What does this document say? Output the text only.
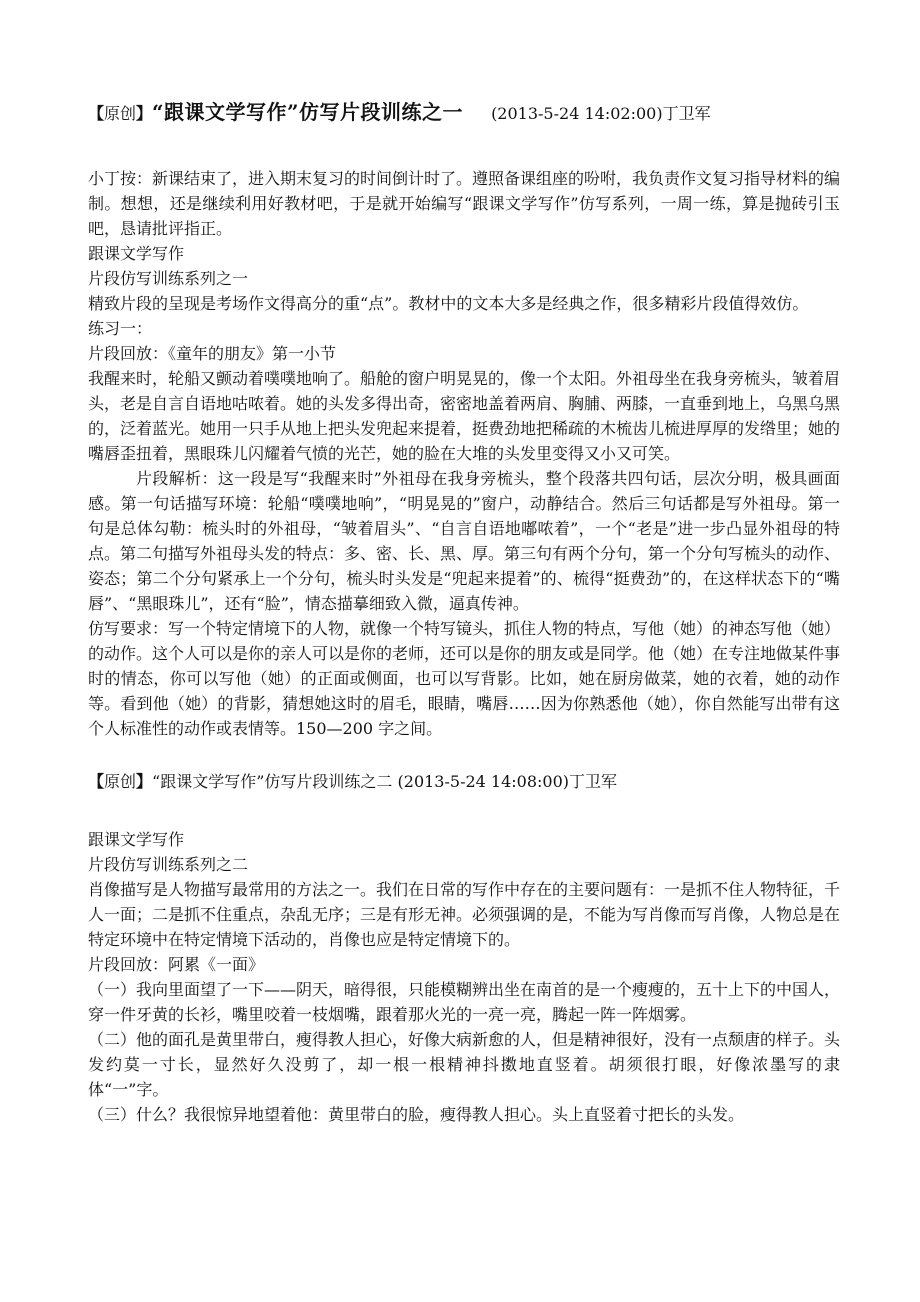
【原创】“跟课文学写作”仿写片段训练之一 (2013-5-24 14:02:00)丁卫军

小丁按：新课结束了，进入期末复习的时间倒计时了。遵照备课组座的吩咐，我负责作文复习指导材料的编制。想想，还是继续利用好教材吧，于是就开始编写“跟课文学写作”仿写系列，一周一练，算是抛砖引玉吧，恳请批评指正。

跟课文学写作

片段仿写训练系列之一

精致片段的呈现是考场作文得高分的重“点”。教材中的文本大多是经典之作，很多精彩片段值得效仿。

练习一：

片段回放：《童年的朋友》第一小节

我醒来时，轮船又颤动着噗噗地响了。船舱的窗户明晃晃的，像一个太阳。外祖母坐在我身旁梳头，皱着眉头，老是自言自语地咕哝着。她的头发多得出奇，密密地盖着两肩、胸脯、两膝，一直垂到地上，乌黑乌黑的，泛着蓝光。她用一只手从地上把头发兜起来提着，挺费劲地把稀疏的木梳齿儿梳进厚厚的发绺里；她的嘴唇歪扭着，黑眼珠儿闪耀着气愤的光芒，她的脸在大堆的头发里变得又小又可笑。

片段解析：这一段是写“我醒来时”外祖母在我身旁梳头，整个段落共四句话，层次分明，极具画面感。第一句话描写环境：轮船“噗噗地响”，“明晃晃的”窗户，动静结合。然后三句话都是写外祖母。第一句是总体勾勒：梳头时的外祖母，“皱着眉头”、“自言自语地嘟哝着”，一个“老是”进一步凸显外祖母的特点。第二句描写外祖母头发的特点：多、密、长、黑、厚。第三句有两个分句，第一个分句写梳头的动作、姿态；第二个分句紧承上一个分句，梳头时头发是“兜起来提着”的、梳得“挺费劲”的，在这样状态下的“嘴唇”、“黑眼珠儿”，还有“脸”，情态描摹细致入微，逼真传神。

仿写要求：写一个特定情境下的人物，就像一个特写镜头，抓住人物的特点，写他（她）的神态写他（她）的动作。这个人可以是你的亲人可以是你的老师，还可以是你的朋友或是同学。他（她）在专注地做某件事时的情态，你可以写他（她）的正面或侧面，也可以写背影。比如，她在厨房做菜，她的衣着，她的动作等。看到他（她）的背影，猜想她这时的眉毛，眼睛，嘴唇……因为你熟悉他（她），你自然能写出带有这个人标准性的动作或表情等。150—200 字之间。

【原创】“跟课文学写作”仿写片段训练之二 (2013-5-24 14:08:00)丁卫军

跟课文学写作

片段仿写训练系列之二

肖像描写是人物描写最常用的方法之一。我们在日常的写作中存在的主要问题有：一是抓不住人物特征，千人一面；二是抓不住重点，杂乱无序；三是有形无神。必须强调的是，不能为写肖像而写肖像，人物总是在特定环境中在特定情境下活动的，肖像也应是特定情境下的。

片段回放：阿累《一面》

（一）我向里面望了一下——阴天，暗得很，只能模糊辨出坐在南首的是一个瘦瘦的，五十上下的中国人，穿一件牙黄的长衫，嘴里咬着一枝烟嘴，跟着那火光的一亮一亮，腾起一阵一阵烟雾。

（二）他的面孔是黄里带白，瘦得教人担心，好像大病新愈的人，但是精神很好，没有一点颓唐的样子。头发约莫一寸长，显然好久没剪了，却一根一根精神抖擞地直竖着。胡须很打眼，好像浓墨写的隶体“一”字。

（三）什么？我很惊异地望着他：黄里带白的脸，瘦得教人担心。头上直竖着寸把长的头发。
